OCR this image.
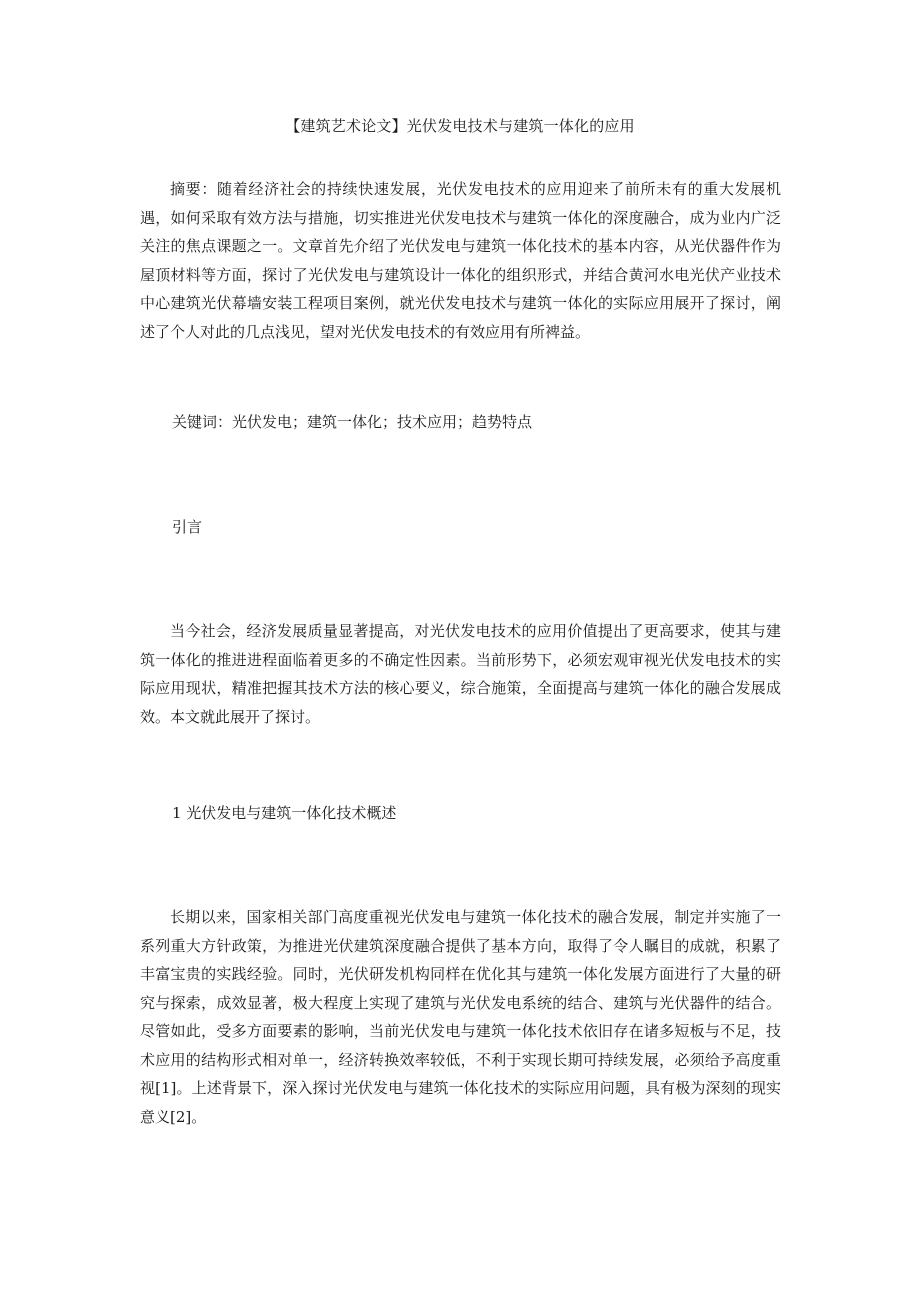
【建筑艺术论文】光伏发电技术与建筑一体化的应用

摘要：随着经济社会的持续快速发展，光伏发电技术的应用迎来了前所未有的重大发展机遇，如何采取有效方法与措施，切实推进光伏发电技术与建筑一体化的深度融合，成为业内广泛关注的焦点课题之一。文章首先介绍了光伏发电与建筑一体化技术的基本内容，从光伏器件作为屋顶材料等方面，探讨了光伏发电与建筑设计一体化的组织形式，并结合黄河水电光伏产业技术中心建筑光伏幕墙安装工程项目案例，就光伏发电技术与建筑一体化的实际应用展开了探讨，阐述了个人对此的几点浅见，望对光伏发电技术的有效应用有所裨益。

关键词：光伏发电；建筑一体化；技术应用；趋势特点

引言

当今社会，经济发展质量显著提高，对光伏发电技术的应用价值提出了更高要求，使其与建筑一体化的推进进程面临着更多的不确定性因素。当前形势下，必须宏观审视光伏发电技术的实际应用现状，精准把握其技术方法的核心要义，综合施策，全面提高与建筑一体化的融合发展成效。本文就此展开了探讨。

1 光伏发电与建筑一体化技术概述

长期以来，国家相关部门高度重视光伏发电与建筑一体化技术的融合发展，制定并实施了一系列重大方针政策，为推进光伏建筑深度融合提供了基本方向，取得了令人瞩目的成就，积累了丰富宝贵的实践经验。同时，光伏研发机构同样在优化其与建筑一体化发展方面进行了大量的研究与探索，成效显著，极大程度上实现了建筑与光伏发电系统的结合、建筑与光伏器件的结合。尽管如此，受多方面要素的影响，当前光伏发电与建筑一体化技术依旧存在诸多短板与不足，技术应用的结构形式相对单一，经济转换效率较低，不利于实现长期可持续发展，必须给予高度重视[1]。上述背景下，深入探讨光伏发电与建筑一体化技术的实际应用问题，具有极为深刻的现实意义[2]。
